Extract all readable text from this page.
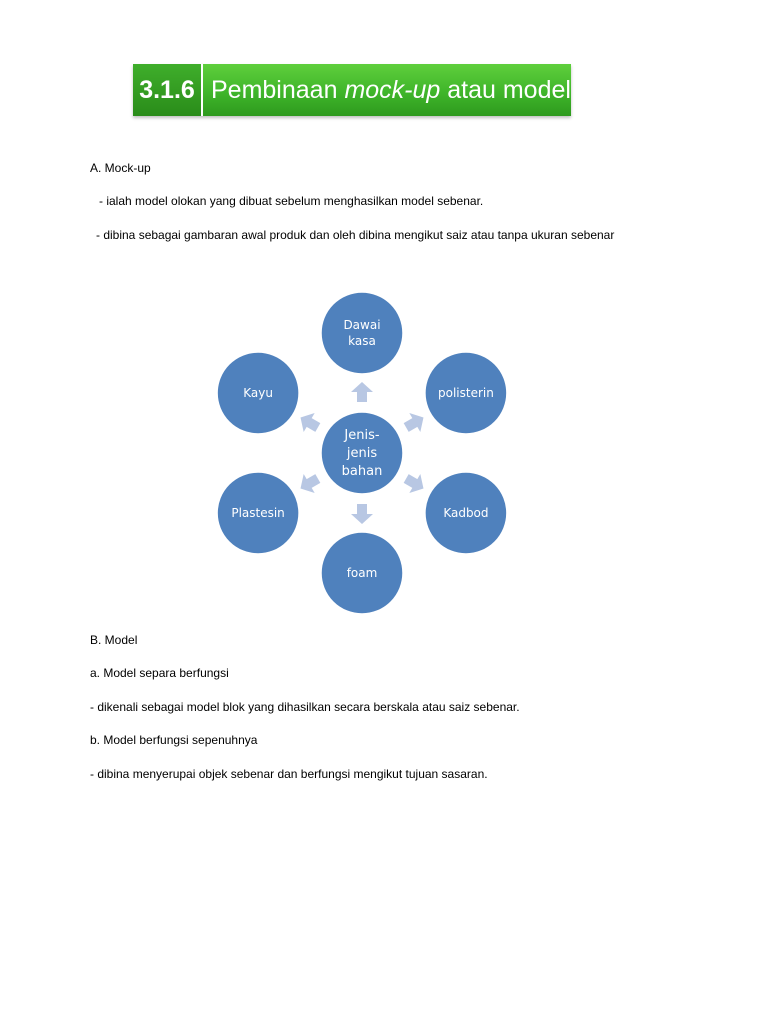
3.1.6 Pembinaan mock-up atau model
A. Mock-up
- ialah model olokan yang dibuat sebelum menghasilkan model sebenar.
- dibina sebagai gambaran awal produk dan oleh dibina mengikut saiz atau tanpa ukuran sebenar
Jenis-jenis bahan
Dawai kasa
polisterin
Kadbod
foam
Plastesin
Kayu
B. Model
a. Model separa berfungsi
- dikenali sebagai model blok yang dihasilkan secara berskala atau saiz sebenar.
b. Model berfungsi sepenuhnya
- dibina menyerupai objek sebenar dan berfungsi mengikut tujuan sasaran.
